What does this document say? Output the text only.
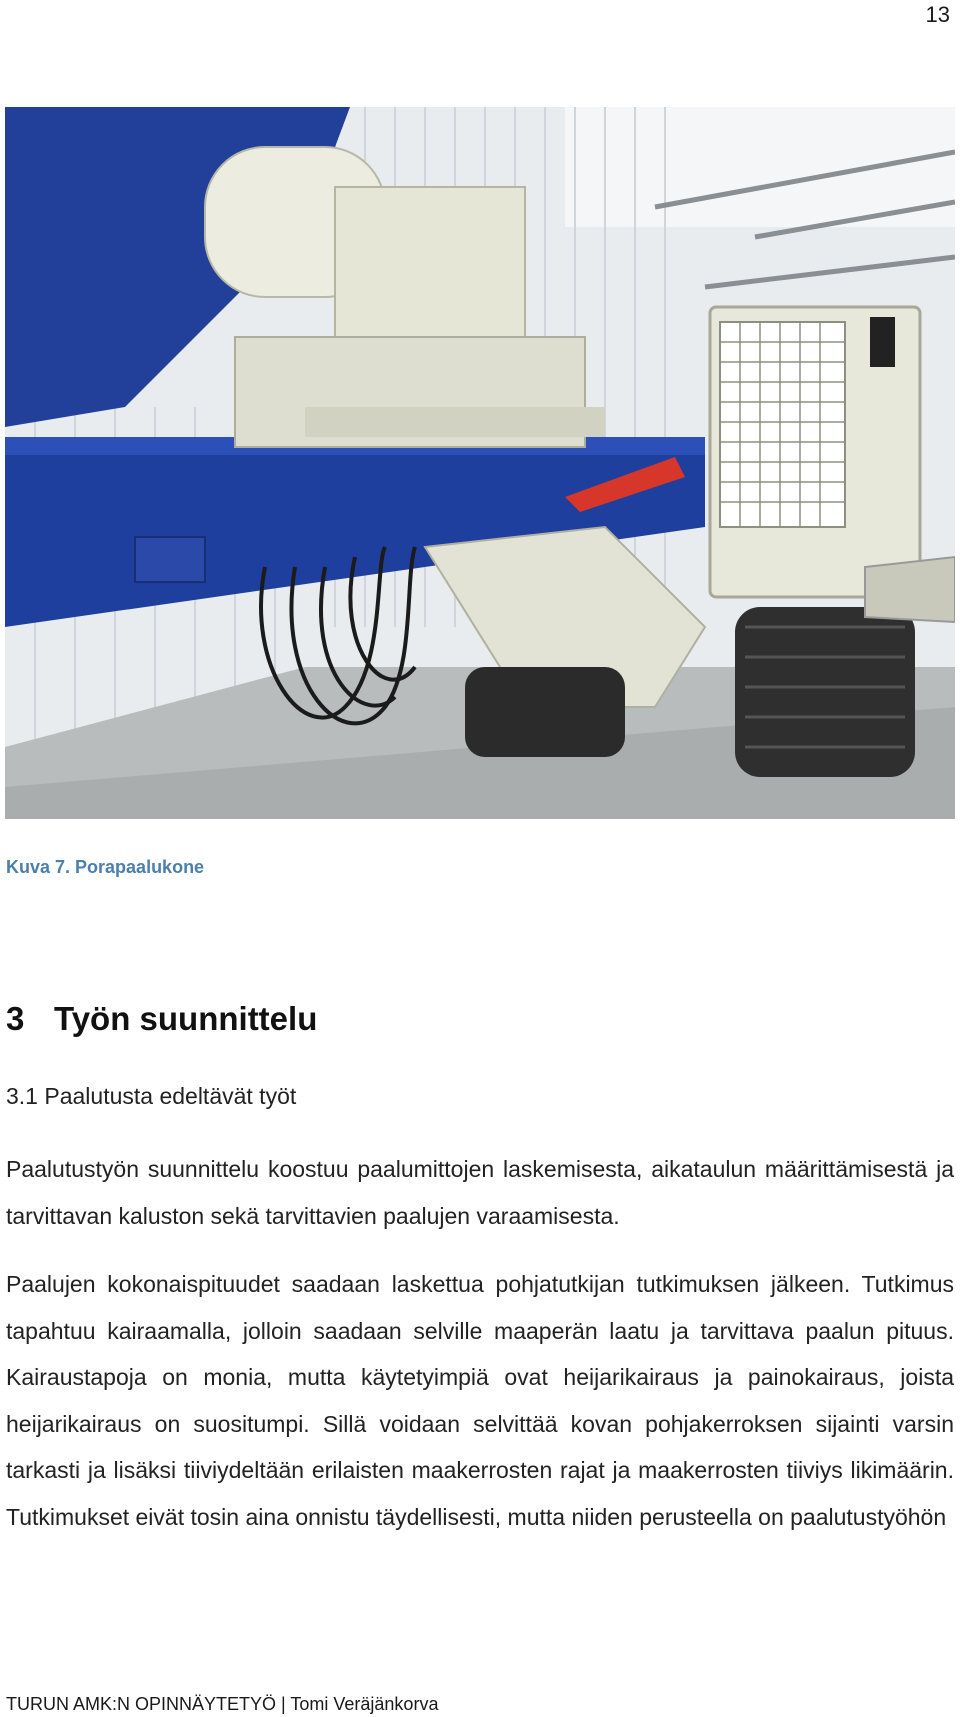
13
Kuva 7. Porapaalukone
3 Työn suunnittelu
3.1 Paalutusta edeltävät työt

Paalutustyön suunnittelu koostuu paalumittojen laskemisesta, aikataulun määrittämisestä ja tarvittavan kaluston sekä tarvittavien paalujen varaamisesta.

Paalujen kokonaispituudet saadaan laskettua pohjatutkijan tutkimuksen jälkeen. Tutkimus tapahtuu kairaamalla, jolloin saadaan selville maaperän laatu ja tarvittava paalun pituus. Kairaustapoja on monia, mutta käytetyimpiä ovat heijarikairaus ja painokairaus, joista heijarikairaus on suositumpi. Sillä voidaan selvittää kovan pohjakerroksen sijainti varsin tarkasti ja lisäksi tiiviydeltään erilaisten maakerrosten rajat ja maakerrosten tiiviys likimäärin. Tutkimukset eivät tosin aina onnistu täydellisesti, mutta niiden perusteella on paalutustyöhön

TURUN AMK:N OPINNÄYTETYÖ | Tomi Veräjänkorva
